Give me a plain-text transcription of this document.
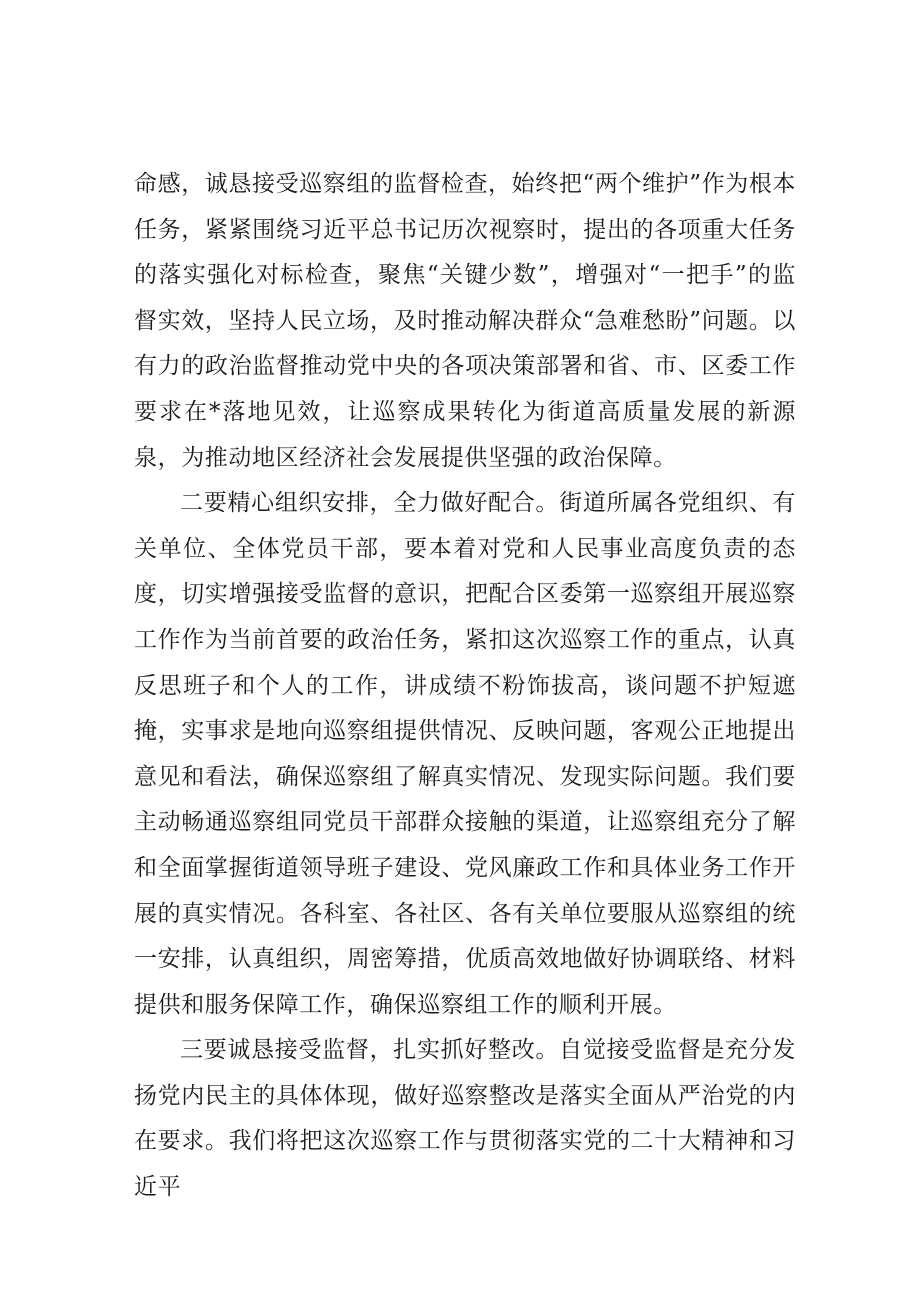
命感，诚恳接受巡察组的监督检查，始终把“两个维护”作为根本任务，紧紧围绕习近平总书记历次视察时，提出的各项重大任务的落实强化对标检查，聚焦“关键少数”，增强对“一把手”的监督实效，坚持人民立场，及时推动解决群众“急难愁盼”问题。以有力的政治监督推动党中央的各项决策部署和省、市、区委工作要求在*落地见效，让巡察成果转化为街道高质量发展的新源泉，为推动地区经济社会发展提供坚强的政治保障。

二要精心组织安排，全力做好配合。街道所属各党组织、有关单位、全体党员干部，要本着对党和人民事业高度负责的态度，切实增强接受监督的意识，把配合区委第一巡察组开展巡察工作作为当前首要的政治任务，紧扣这次巡察工作的重点，认真反思班子和个人的工作，讲成绩不粉饰拔高，谈问题不护短遮掩，实事求是地向巡察组提供情况、反映问题，客观公正地提出意见和看法，确保巡察组了解真实情况、发现实际问题。我们要主动畅通巡察组同党员干部群众接触的渠道，让巡察组充分了解和全面掌握街道领导班子建设、党风廉政工作和具体业务工作开展的真实情况。各科室、各社区、各有关单位要服从巡察组的统一安排，认真组织，周密筹措，优质高效地做好协调联络、材料提供和服务保障工作，确保巡察组工作的顺利开展。

三要诚恳接受监督，扎实抓好整改。自觉接受监督是充分发扬党内民主的具体体现，做好巡察整改是落实全面从严治党的内在要求。我们将把这次巡察工作与贯彻落实党的二十大精神和习近平
